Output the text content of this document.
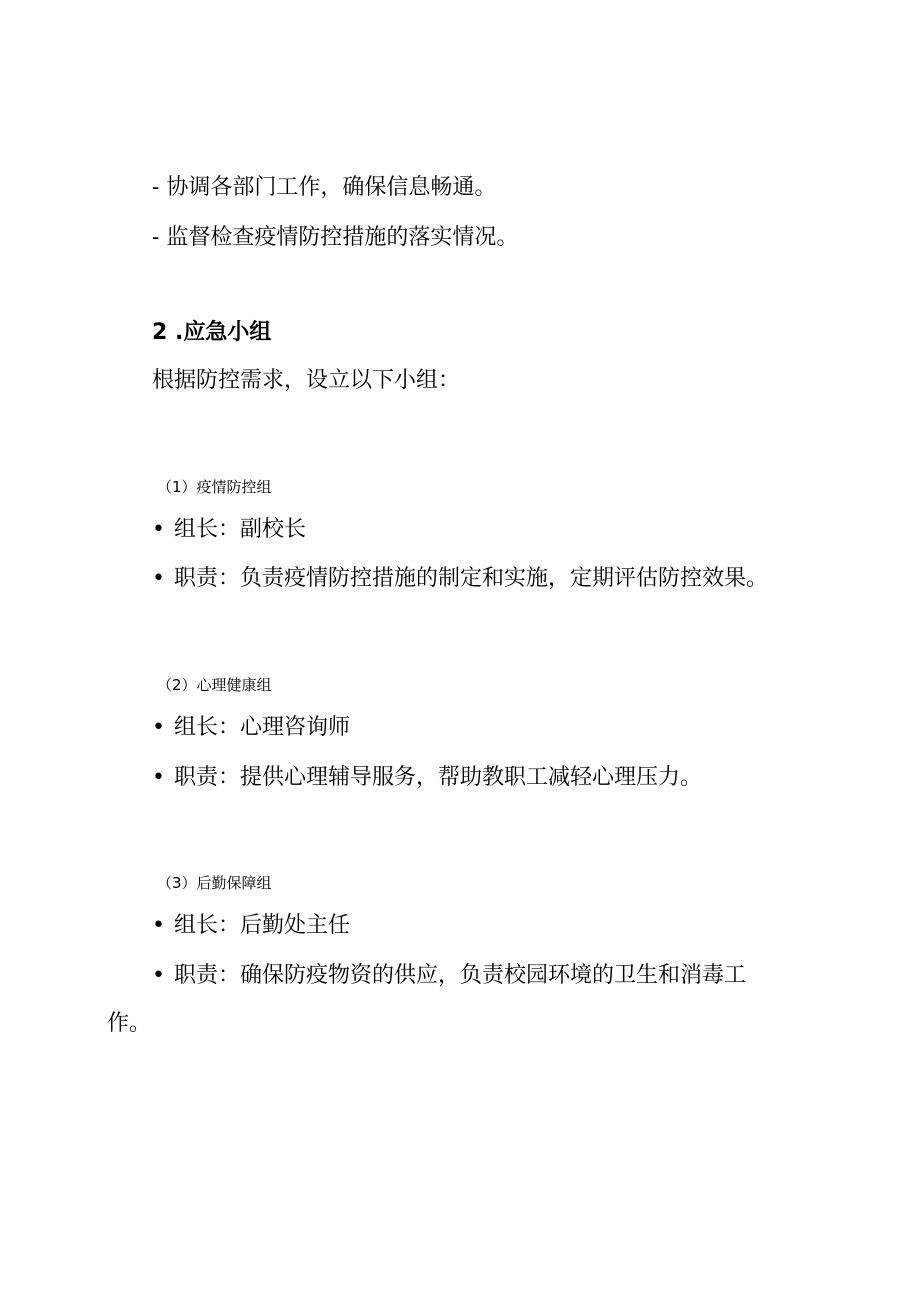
- 协调各部门工作，确保信息畅通。
- 监督检查疫情防控措施的落实情况。
2 .应急小组
根据防控需求，设立以下小组：
（1）疫情防控组
• 组长：副校长
• 职责：负责疫情防控措施的制定和实施，定期评估防控效果。
（2）心理健康组
• 组长：心理咨询师
• 职责：提供心理辅导服务，帮助教职工减轻心理压力。
（3）后勤保障组
• 组长：后勤处主任
• 职责：确保防疫物资的供应，负责校园环境的卫生和消毒工
作。
